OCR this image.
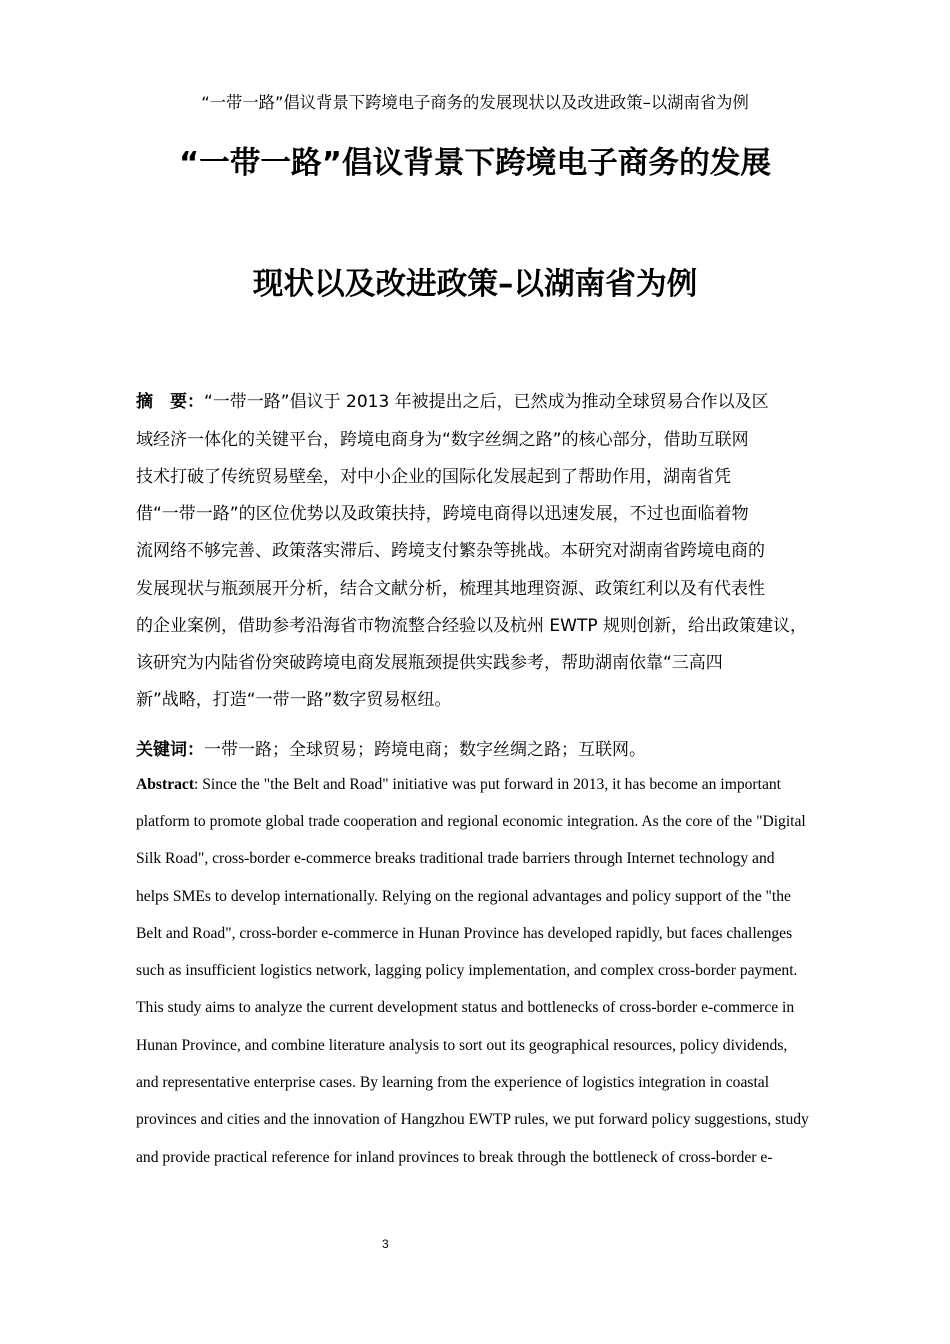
“一带一路”倡议背景下跨境电子商务的发展现状以及改进政策–以湖南省为例
“一带一路”倡议背景下跨境电子商务的发展
现状以及改进政策–以湖南省为例
摘　要：“一带一路”倡议于 2013 年被提出之后，已然成为推动全球贸易合作以及区
域经济一体化的关键平台，跨境电商身为“数字丝绸之路”的核心部分，借助互联网
技术打破了传统贸易壁垒，对中小企业的国际化发展起到了帮助作用，湖南省凭
借“一带一路”的区位优势以及政策扶持，跨境电商得以迅速发展，不过也面临着物
流网络不够完善、政策落实滞后、跨境支付繁杂等挑战。本研究对湖南省跨境电商的
发展现状与瓶颈展开分析，结合文献分析，梳理其地理资源、政策红利以及有代表性
的企业案例，借助参考沿海省市物流整合经验以及杭州 EWTP 规则创新，给出政策建议，
该研究为内陆省份突破跨境电商发展瓶颈提供实践参考，帮助湖南依靠“三高四
新”战略，打造“一带一路”数字贸易枢纽。
关键词：一带一路；全球贸易；跨境电商；数字丝绸之路；互联网。
Abstract: Since the "the Belt and Road" initiative was put forward in 2013, it has become an important
platform to promote global trade cooperation and regional economic integration. As the core of the "Digital
Silk Road", cross-border e-commerce breaks traditional trade barriers through Internet technology and
helps SMEs to develop internationally. Relying on the regional advantages and policy support of the "the
Belt and Road", cross-border e-commerce in Hunan Province has developed rapidly, but faces challenges
such as insufficient logistics network, lagging policy implementation, and complex cross-border payment.
This study aims to analyze the current development status and bottlenecks of cross-border e-commerce in
Hunan Province, and combine literature analysis to sort out its geographical resources, policy dividends,
and representative enterprise cases. By learning from the experience of logistics integration in coastal
provinces and cities and the innovation of Hangzhou EWTP rules, we put forward policy suggestions, study
and provide practical reference for inland provinces to break through the bottleneck of cross-border e-
3
